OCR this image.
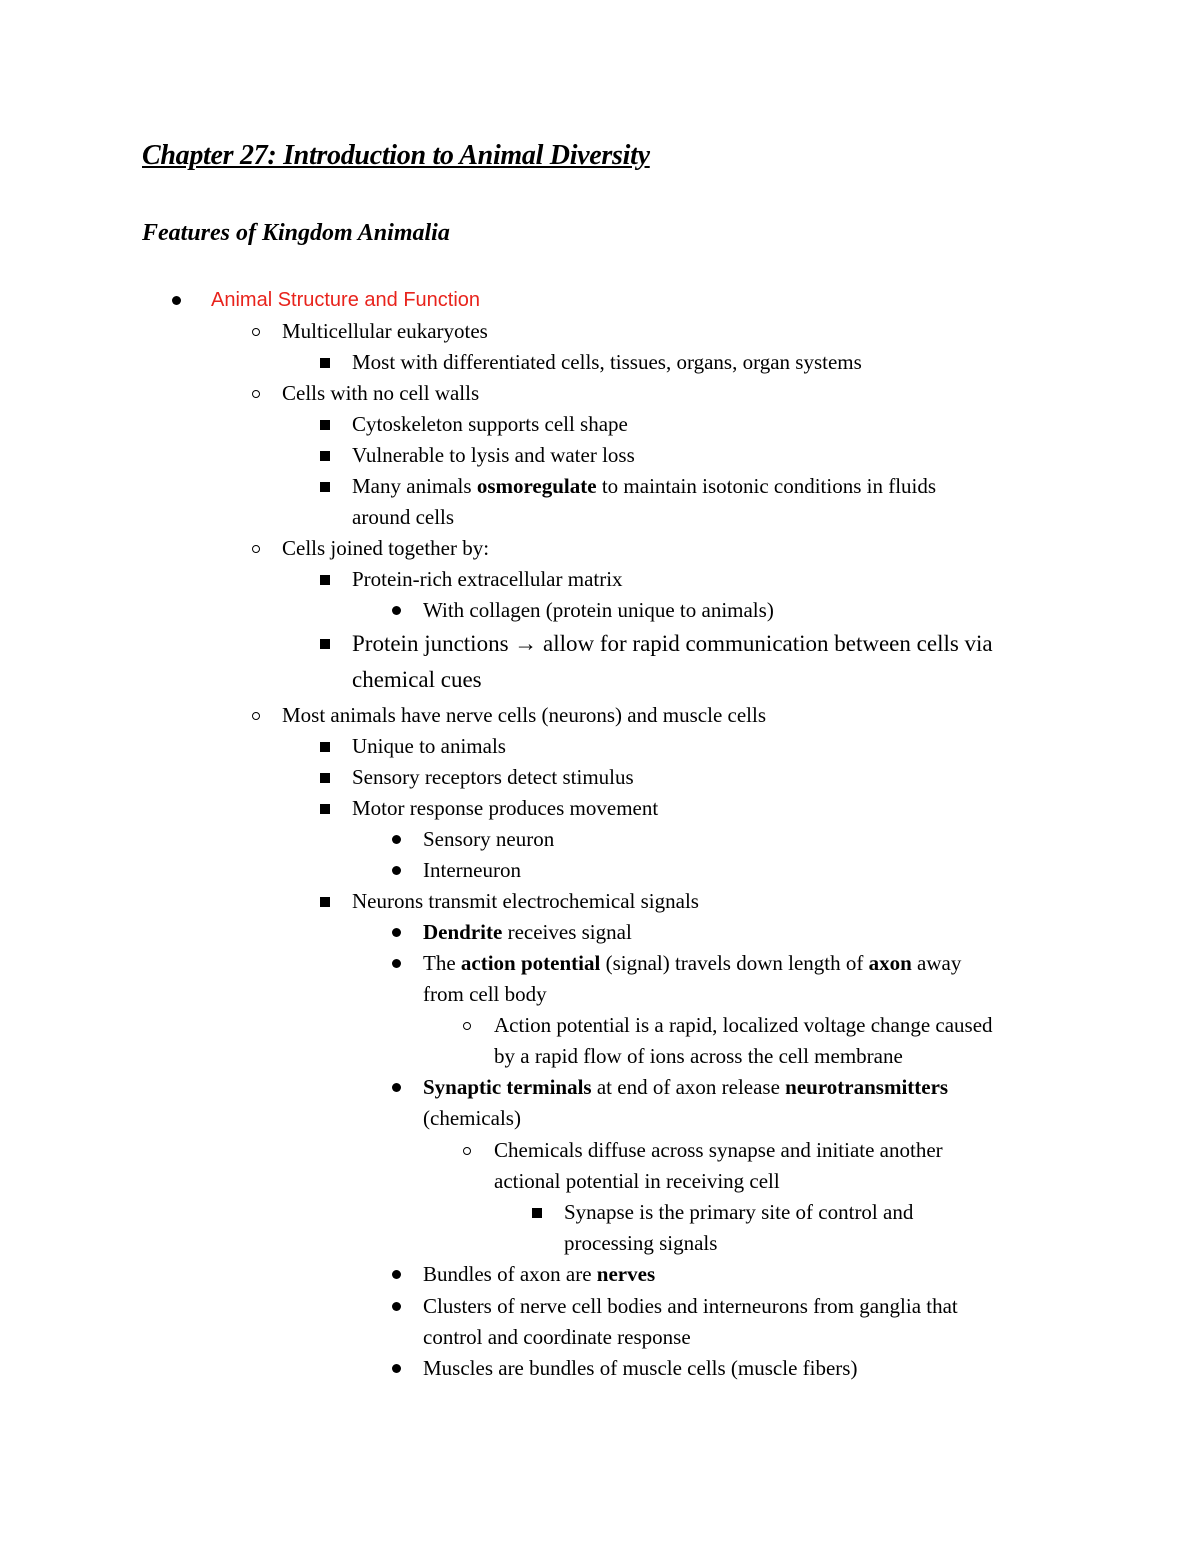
Chapter 27: Introduction to Animal Diversity
Features of Kingdom Animalia
Animal Structure and Function
Multicellular eukaryotes
Most with differentiated cells, tissues, organs, organ systems
Cells with no cell walls
Cytoskeleton supports cell shape
Vulnerable to lysis and water loss
Many animals osmoregulate to maintain isotonic conditions in fluids
around cells
Cells joined together by:
Protein-rich extracellular matrix
With collagen (protein unique to animals)
Protein junctions → allow for rapid communication between cells via
chemical cues
Most animals have nerve cells (neurons) and muscle cells
Unique to animals
Sensory receptors detect stimulus
Motor response produces movement
Sensory neuron
Interneuron
Neurons transmit electrochemical signals
Dendrite receives signal
The action potential (signal) travels down length of axon away
from cell body
Action potential is a rapid, localized voltage change caused
by a rapid flow of ions across the cell membrane
Synaptic terminals at end of axon release neurotransmitters
(chemicals)
Chemicals diffuse across synapse and initiate another
actional potential in receiving cell
Synapse is the primary site of control and
processing signals
Bundles of axon are nerves
Clusters of nerve cell bodies and interneurons from ganglia that
control and coordinate response
Muscles are bundles of muscle cells (muscle fibers)
